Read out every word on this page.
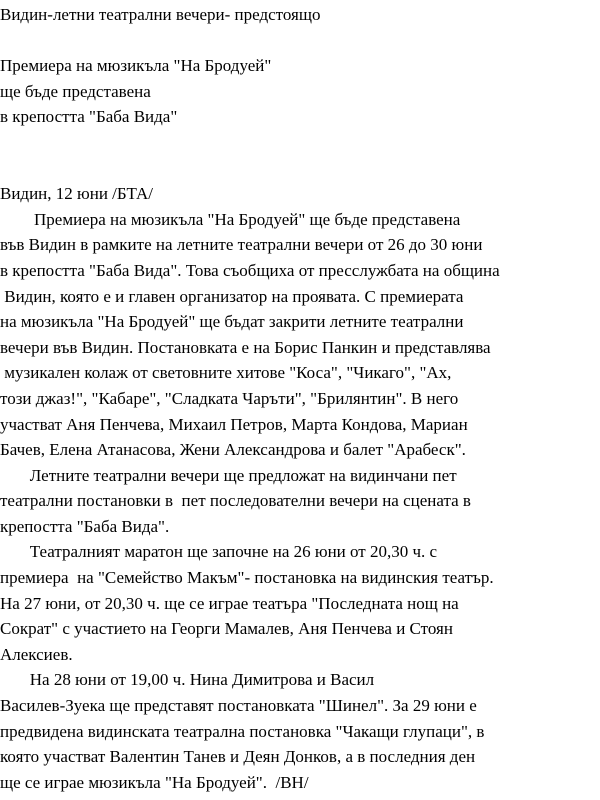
Видин-летни театрални вечери- предстоящо
Премиера на мюзикъла "На Бродуей"
ще бъде представена
в крепостта "Баба Вида"
Видин, 12 юни /БТА/
Премиера на мюзикъла "На Бродуей" ще бъде представена
във Видин в рамките на летните театрални вечери от 26 до 30 юни
в крепостта "Баба Вида". Това съобщиха от пресслужбата на община
Видин, която е и главен организатор на проявата. С премиерата
на мюзикъла "На Бродуей" ще бъдат закрити летните театрални
вечери във Видин. Постановката е на Борис Панкин и представлява
музикален колаж от световните хитове "Коса", "Чикаго", "Ах,
този джаз!", "Кабаре", "Сладката Чаръти", "Брилянтин". В него
участват Аня Пенчева, Михаил Петров, Марта Кондова, Мариан
Бачев, Елена Атанасова, Жени Александрова и балет "Арабеск".
Летните театрални вечери ще предложат на видинчани пет
театрални постановки в  пет последователни вечери на сцената в
крепостта "Баба Вида".
Театралният маратон ще започне на 26 юни от 20,30 ч. с
премиера  на "Семейство Макъм"- постановка на видинския театър.
На 27 юни, от 20,30 ч. ще се играе театъра "Последната нощ на
Сократ" с участието на Георги Мамалев, Аня Пенчева и Стоян
Алексиев.
На 28 юни от 19,00 ч. Нина Димитрова и Васил
Василев-Зуека ще представят постановката "Шинел". За 29 юни е
предвидена видинската театрална постановка "Чакащи глупаци", в
която участват Валентин Танев и Деян Донков, а в последния ден
ще се играе мюзикъла "На Бродуей".  /ВН/
